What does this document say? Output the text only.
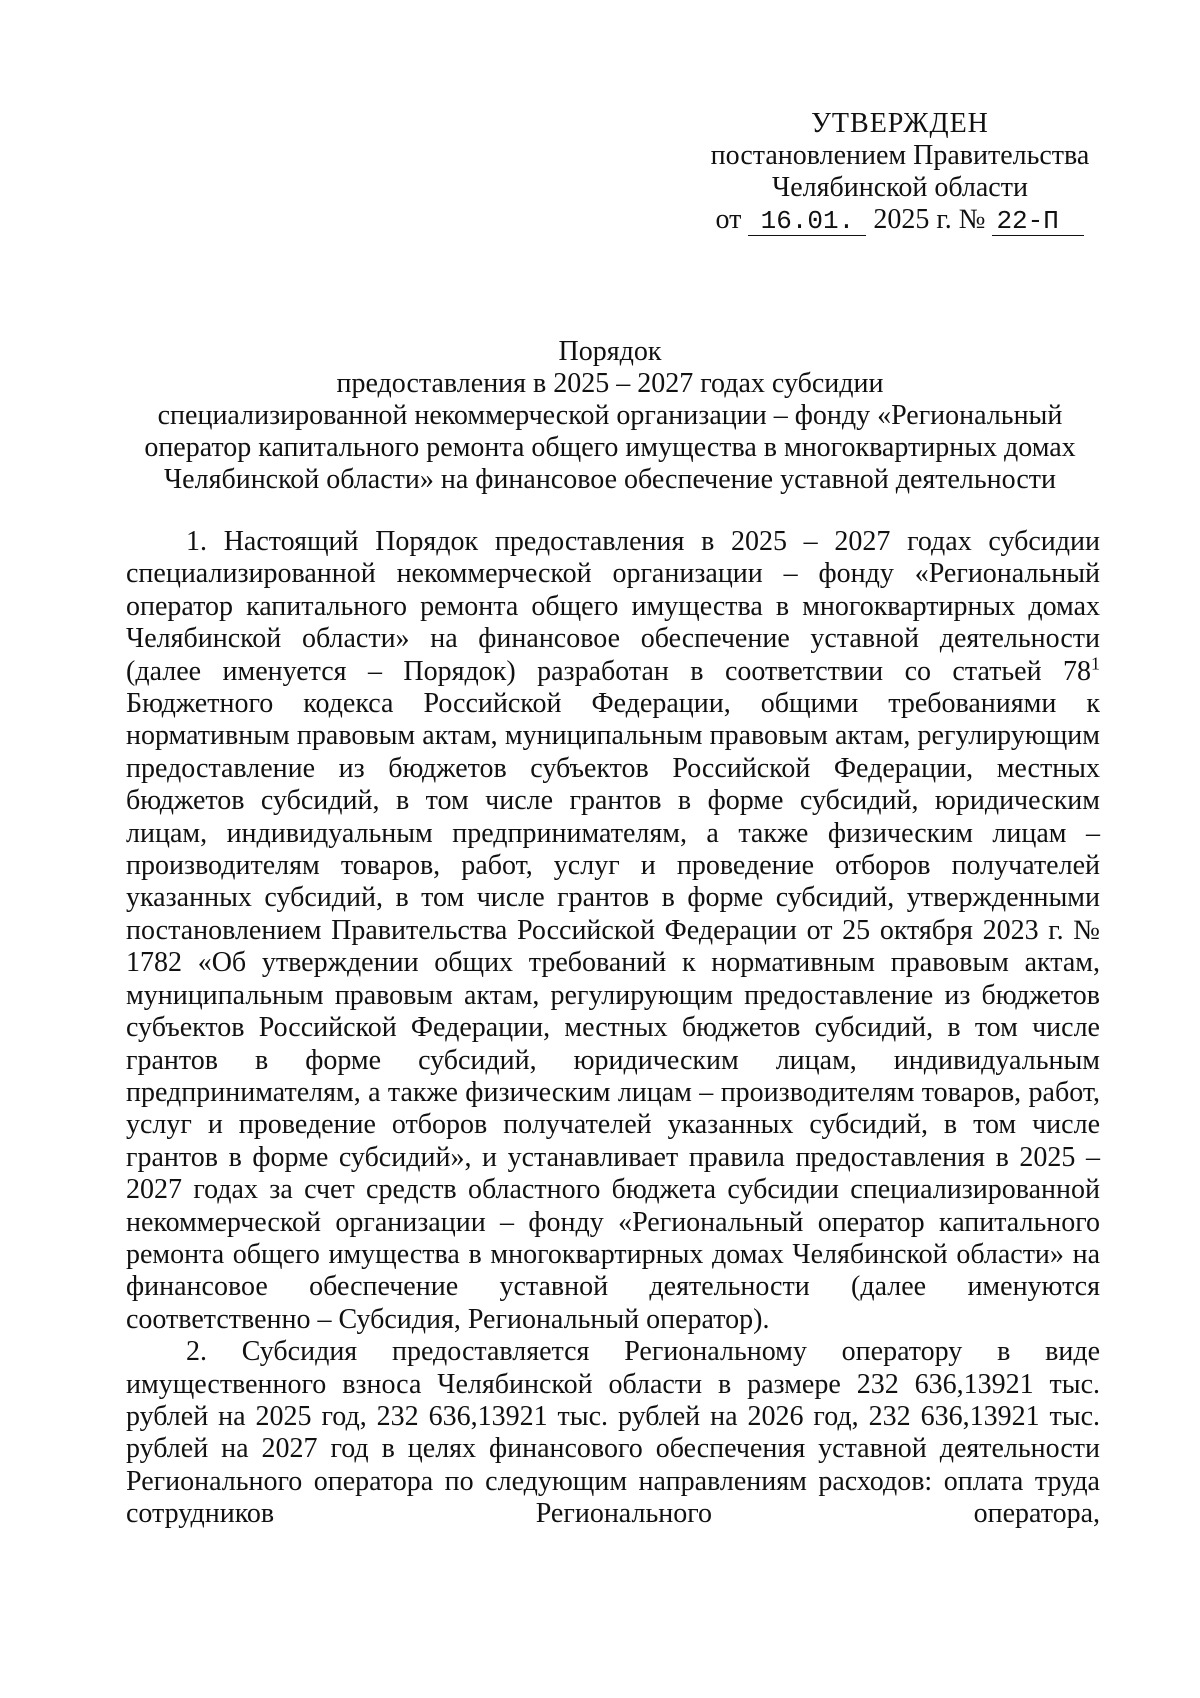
УТВЕРЖДЕН
постановлением Правительства
Челябинской области
от 16.01. 2025 г. № 22-П
Порядок
предоставления в 2025 – 2027 годах субсидии
специализированной некоммерческой организации – фонду «Региональный
оператор капитального ремонта общего имущества в многоквартирных домах
Челябинской области» на финансовое обеспечение уставной деятельности

1. Настоящий Порядок предоставления в 2025 – 2027 годах субсидии специализированной некоммерческой организации – фонду «Региональный оператор капитального ремонта общего имущества в многоквартирных домах Челябинской области» на финансовое обеспечение уставной деятельности (далее именуется – Порядок) разработан в соответствии со статьей 78$^1$ Бюджетного кодекса Российской Федерации, общими требованиями к нормативным правовым актам, муниципальным правовым актам, регулирующим предоставление из бюджетов субъектов Российской Федерации, местных бюджетов субсидий, в том числе грантов в форме субсидий, юридическим лицам, индивидуальным предпринимателям, а также физическим лицам – производителям товаров, работ, услуг и проведение отборов получателей указанных субсидий, в том числе грантов в форме субсидий, утвержденными постановлением Правительства Российской Федерации от 25 октября 2023 г. № 1782 «Об утверждении общих требований к нормативным правовым актам, муниципальным правовым актам, регулирующим предоставление из бюджетов субъектов Российской Федерации, местных бюджетов субсидий, в том числе грантов в форме субсидий, юридическим лицам, индивидуальным предпринимателям, а также физическим лицам – производителям товаров, работ, услуг и проведение отборов получателей указанных субсидий, в том числе грантов в форме субсидий», и устанавливает правила предоставления в 2025 – 2027 годах за счет средств областного бюджета субсидии специализированной некоммерческой организации – фонду «Региональный оператор капитального ремонта общего имущества в многоквартирных домах Челябинской области» на финансовое обеспечение уставной деятельности (далее именуются соответственно – Субсидия, Региональный оператор).

2. Субсидия предоставляется Региональному оператору в виде имущественного взноса Челябинской области в размере 232 636,13921 тыс. рублей на 2025 год, 232 636,13921 тыс. рублей на 2026 год, 232 636,13921 тыс. рублей на 2027 год в целях финансового обеспечения уставной деятельности Регионального оператора по следующим направлениям расходов: оплата труда сотрудников Регионального оператора,
